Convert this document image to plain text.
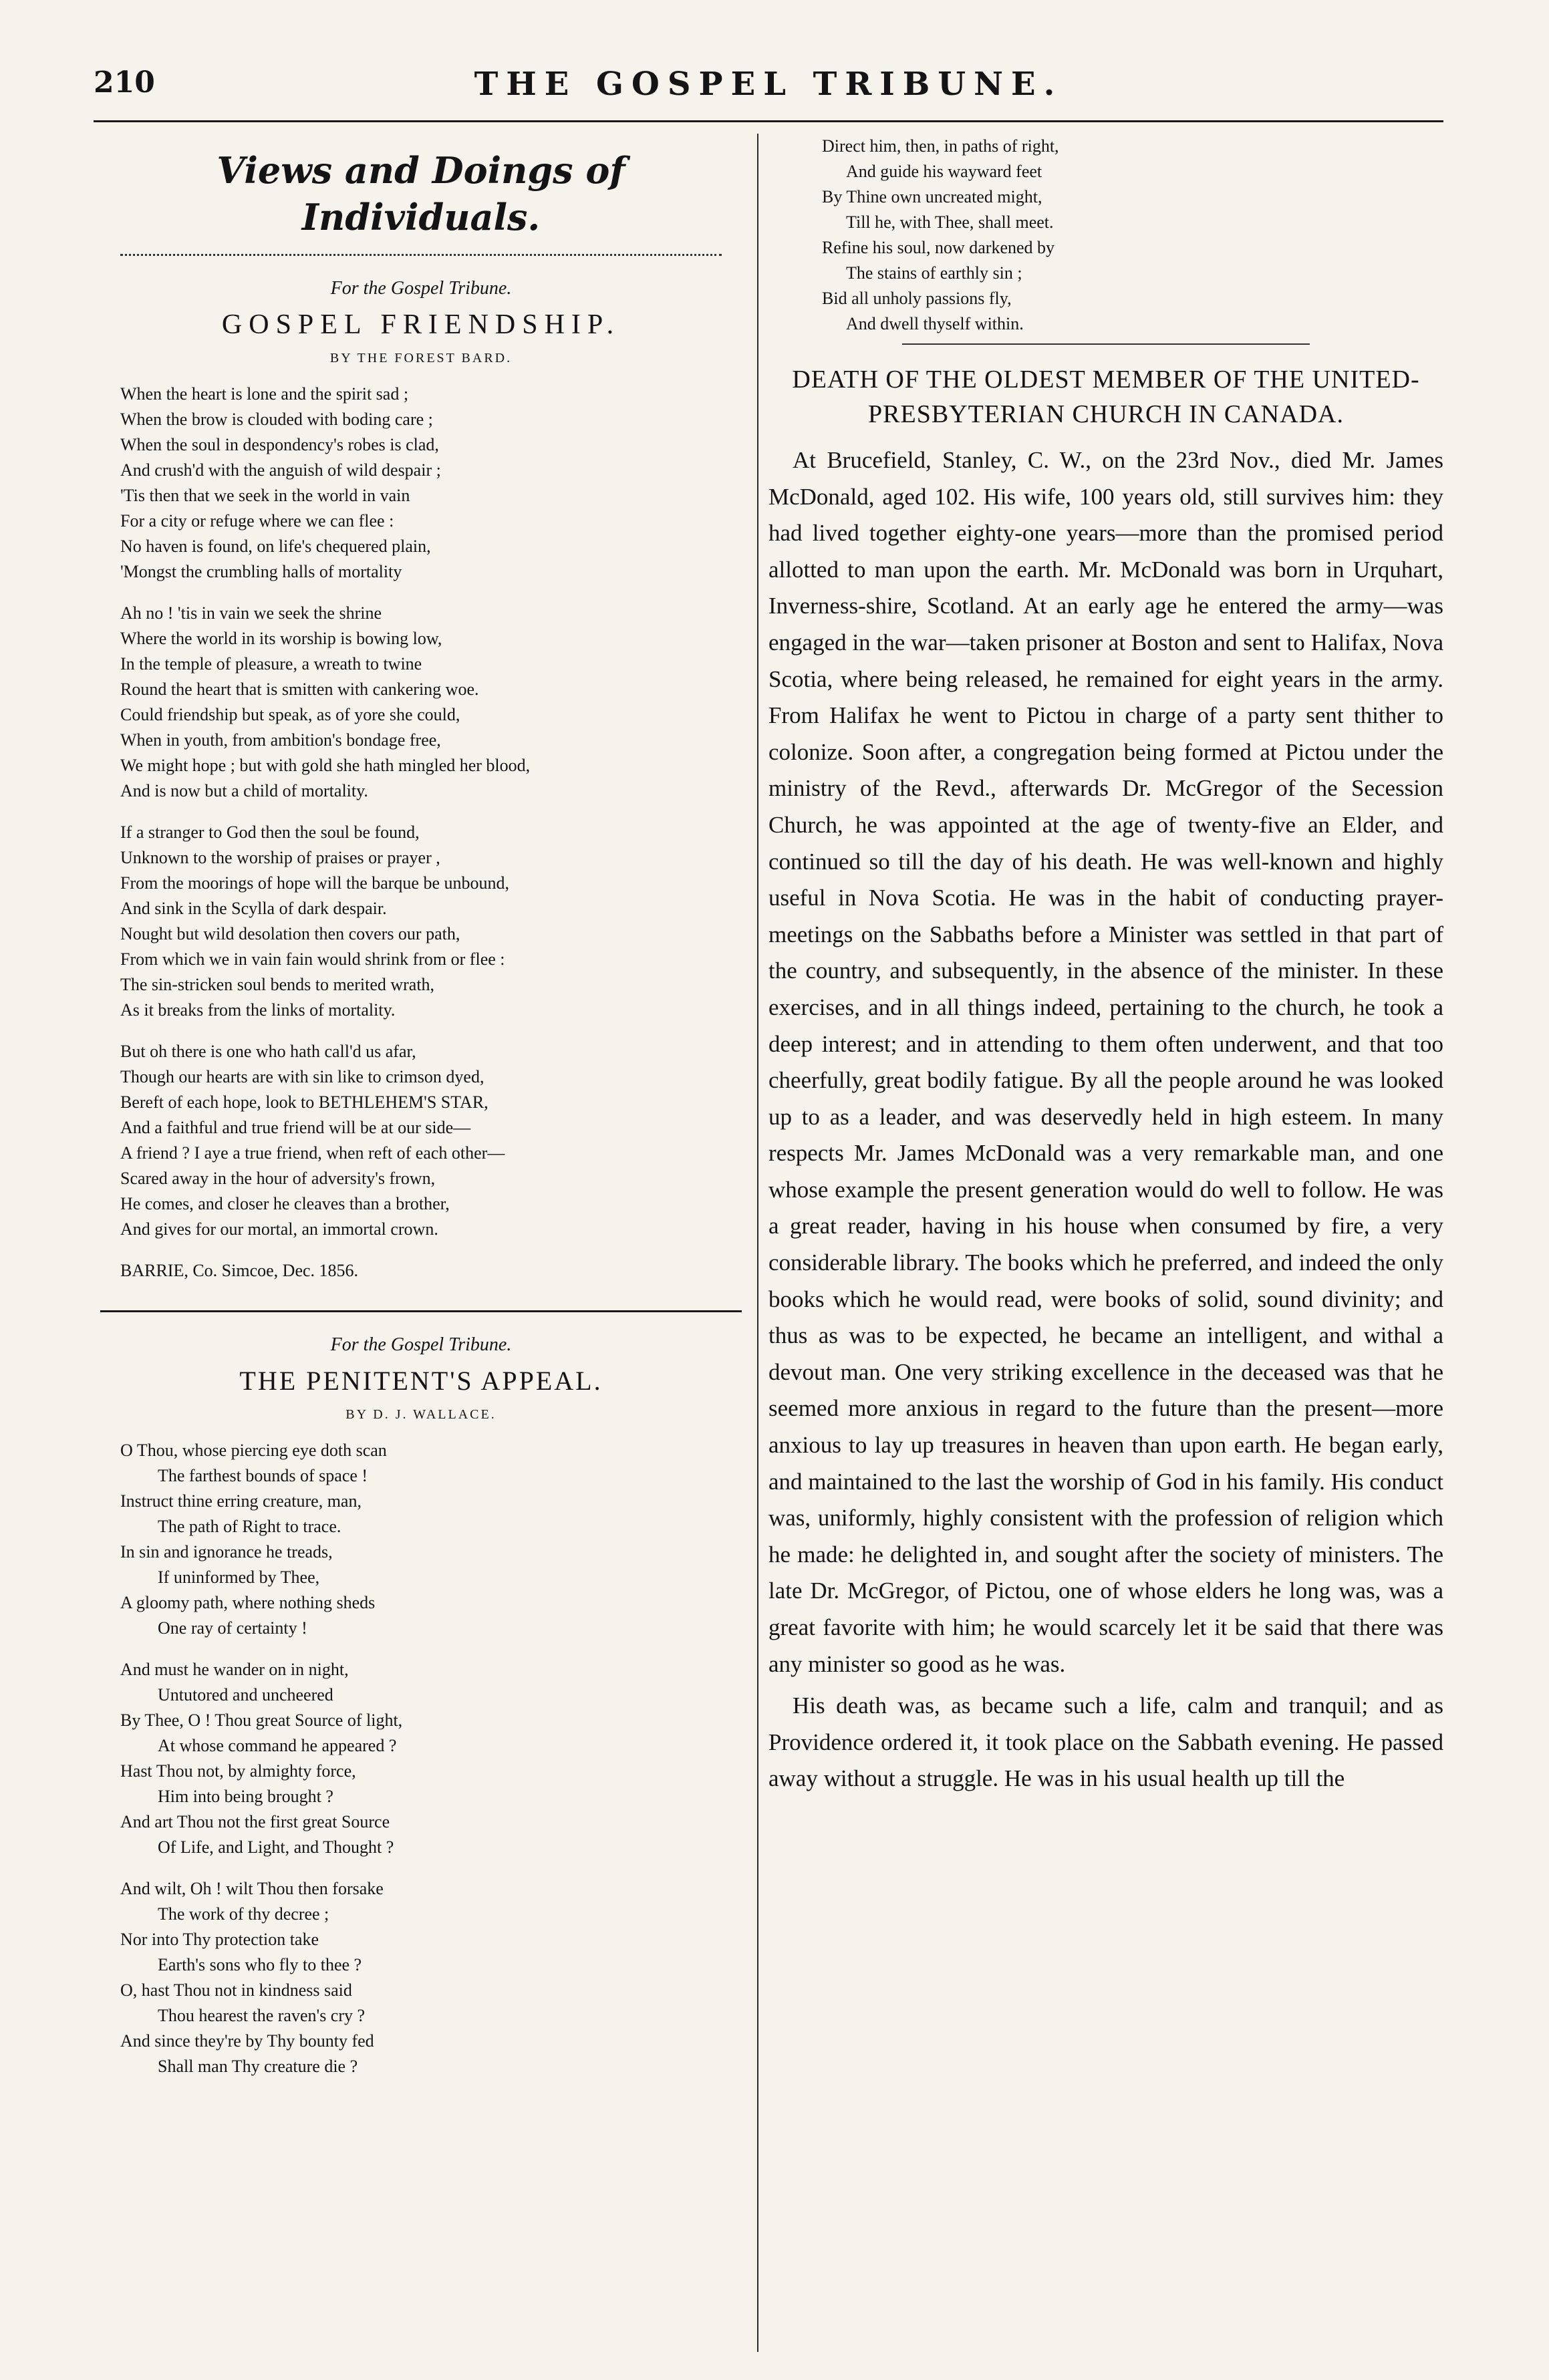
210	THE GOSPEL TRIBUNE.
Views and Doings of Individuals.
For the Gospel Tribune.
GOSPEL FRIENDSHIP.
BY THE FOREST BARD.
When the heart is lone and the spirit sad ;
When the brow is clouded with boding care ;
When the soul in despondency's robes is clad,
And crush'd with the anguish of wild despair ;
'Tis then that we seek in the world in vain
For a city or refuge where we can flee :
No haven is found, on life's chequered plain,
'Mongst the crumbling halls of mortality
Ah no ! 'tis in vain we seek the shrine
Where the world in its worship is bowing low,
In the temple of pleasure, a wreath to twine
Round the heart that is smitten with cankering woe.
Could friendship but speak, as of yore she could,
When in youth, from ambition's bondage free,
We might hope ; but with gold she hath mingled her blood,
And is now but a child of mortality.
If a stranger to God then the soul be found,
Unknown to the worship of praises or prayer ,
From the moorings of hope will the barque be unbound,
And sink in the Scylla of dark despair.
Nought but wild desolation then covers our path,
From which we in vain fain would shrink from or flee :
The sin-stricken soul bends to merited wrath,
As it breaks from the links of mortality.
But oh there is one who hath call'd us afar,
Though our hearts are with sin like to crimson dyed,
Bereft of each hope, look to BETHLEHEM'S STAR,
And a faithful and true friend will be at our side—
A friend ? I aye a true friend, when reft of each other—
Scared away in the hour of adversity's frown,
He comes, and closer he cleaves than a brother,
And gives for our mortal, an immortal crown.
BARRIE, Co. Simcoe, Dec. 1856.
For the Gospel Tribune.
THE PENITENT'S APPEAL.
BY D. J. WALLACE.
O Thou, whose piercing eye doth scan
The farthest bounds of space !
Instruct thine erring creature, man,
The path of Right to trace.
In sin and ignorance he treads,
If uninformed by Thee,
A gloomy path, where nothing sheds
One ray of certainty !
And must he wander on in night,
Untutored and uncheered
By Thee, O ! Thou great Source of light,
At whose command he appeared ?
Hast Thou not, by almighty force,
Him into being brought ?
And art Thou not the first great Source
Of Life, and Light, and Thought ?
And wilt, Oh ! wilt Thou then forsake
The work of thy decree ;
Nor into Thy protection take
Earth's sons who fly to thee ?
O, hast Thou not in kindness said
Thou hearest the raven's cry ?
And since they're by Thy bounty fed
Shall man Thy creature die ?
Direct him, then, in paths of right,
And guide his wayward feet
By Thine own uncreated might,
Till he, with Thee, shall meet.
Refine his soul, now darkened by
The stains of earthly sin ;
Bid all unholy passions fly,
And dwell thyself within.
DEATH OF THE OLDEST MEMBER OF THE UNITED-PRESBYTERIAN CHURCH IN CANADA.

At Brucefield, Stanley, C. W., on the 23rd Nov., died Mr. James McDonald, aged 102. His wife, 100 years old, still survives him: they had lived together eighty-one years—more than the promised period allotted to man upon the earth. Mr. McDonald was born in Urquhart, Inverness-shire, Scotland. At an early age he entered the army—was engaged in the war—taken prisoner at Boston and sent to Halifax, Nova Scotia, where being released, he remained for eight years in the army. From Halifax he went to Pictou in charge of a party sent thither to colonize. Soon after, a congregation being formed at Pictou under the ministry of the Revd., afterwards Dr. McGregor of the Secession Church, he was appointed at the age of twenty-five an Elder, and continued so till the day of his death. He was well-known and highly useful in Nova Scotia. He was in the habit of conducting prayer-meetings on the Sabbaths before a Minister was settled in that part of the country, and subsequently, in the absence of the minister. In these exercises, and in all things indeed, pertaining to the church, he took a deep interest; and in attending to them often underwent, and that too cheerfully, great bodily fatigue. By all the people around he was looked up to as a leader, and was deservedly held in high esteem. In many respects Mr. James McDonald was a very remarkable man, and one whose example the present generation would do well to follow. He was a great reader, having in his house when consumed by fire, a very considerable library. The books which he preferred, and indeed the only books which he would read, were books of solid, sound divinity; and thus as was to be expected, he became an intelligent, and withal a devout man. One very striking excellence in the deceased was that he seemed more anxious in regard to the future than the present—more anxious to lay up treasures in heaven than upon earth. He began early, and maintained to the last the worship of God in his family. His conduct was, uniformly, highly consistent with the profession of religion which he made: he delighted in, and sought after the society of ministers. The late Dr. McGregor, of Pictou, one of whose elders he long was, was a great favorite with him; he would scarcely let it be said that there was any minister so good as he was.

His death was, as became such a life, calm and tranquil; and as Providence ordered it, it took place on the Sabbath evening. He passed away without a struggle. He was in his usual health up till the
